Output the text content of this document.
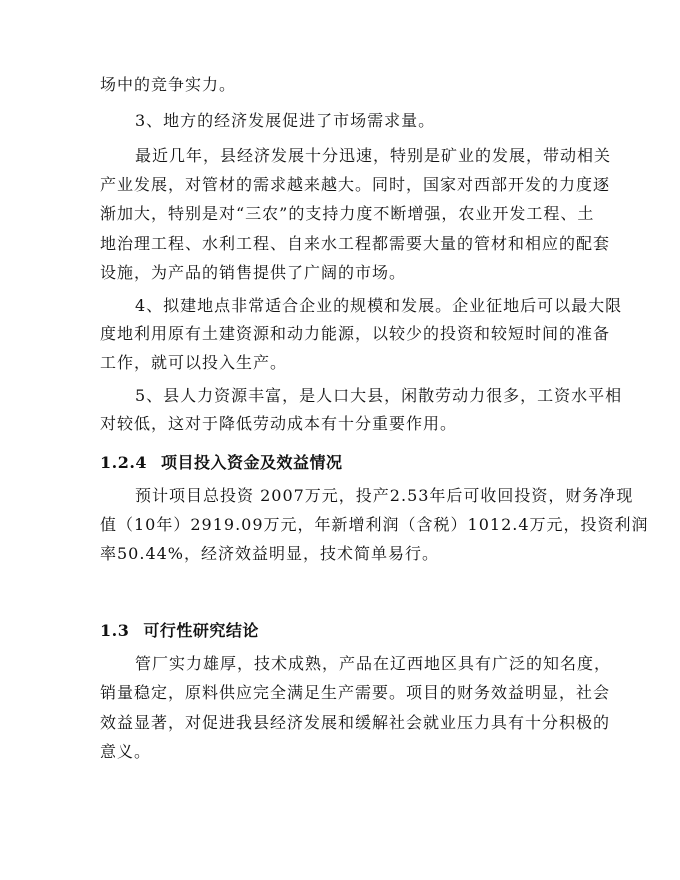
场中的竞争实力。
3、地方的经济发展促进了市场需求量。
最近几年，县经济发展十分迅速，特别是矿业的发展，带动相关
产业发展，对管材的需求越来越大。同时，国家对西部开发的力度逐
渐加大，特别是对“三农”的支持力度不断增强，农业开发工程、土
地治理工程、水利工程、自来水工程都需要大量的管材和相应的配套
设施，为产品的销售提供了广阔的市场。
4、拟建地点非常适合企业的规模和发展。企业征地后可以最大限
度地利用原有土建资源和动力能源，以较少的投资和较短时间的准备
工作，就可以投入生产。
5、县人力资源丰富，是人口大县，闲散劳动力很多，工资水平相
对较低，这对于降低劳动成本有十分重要作用。
1.2.4 项目投入资金及效益情况
预计项目总投资 2007万元，投产2.53年后可收回投资，财务净现
值（10年）2919.09万元，年新增利润（含税）1012.4万元，投资利润
率50.44%，经济效益明显，技术简单易行。
1.3 可行性研究结论
管厂实力雄厚，技术成熟，产品在辽西地区具有广泛的知名度，
销量稳定，原料供应完全满足生产需要。项目的财务效益明显，社会
效益显著，对促进我县经济发展和缓解社会就业压力具有十分积极的
意义。
